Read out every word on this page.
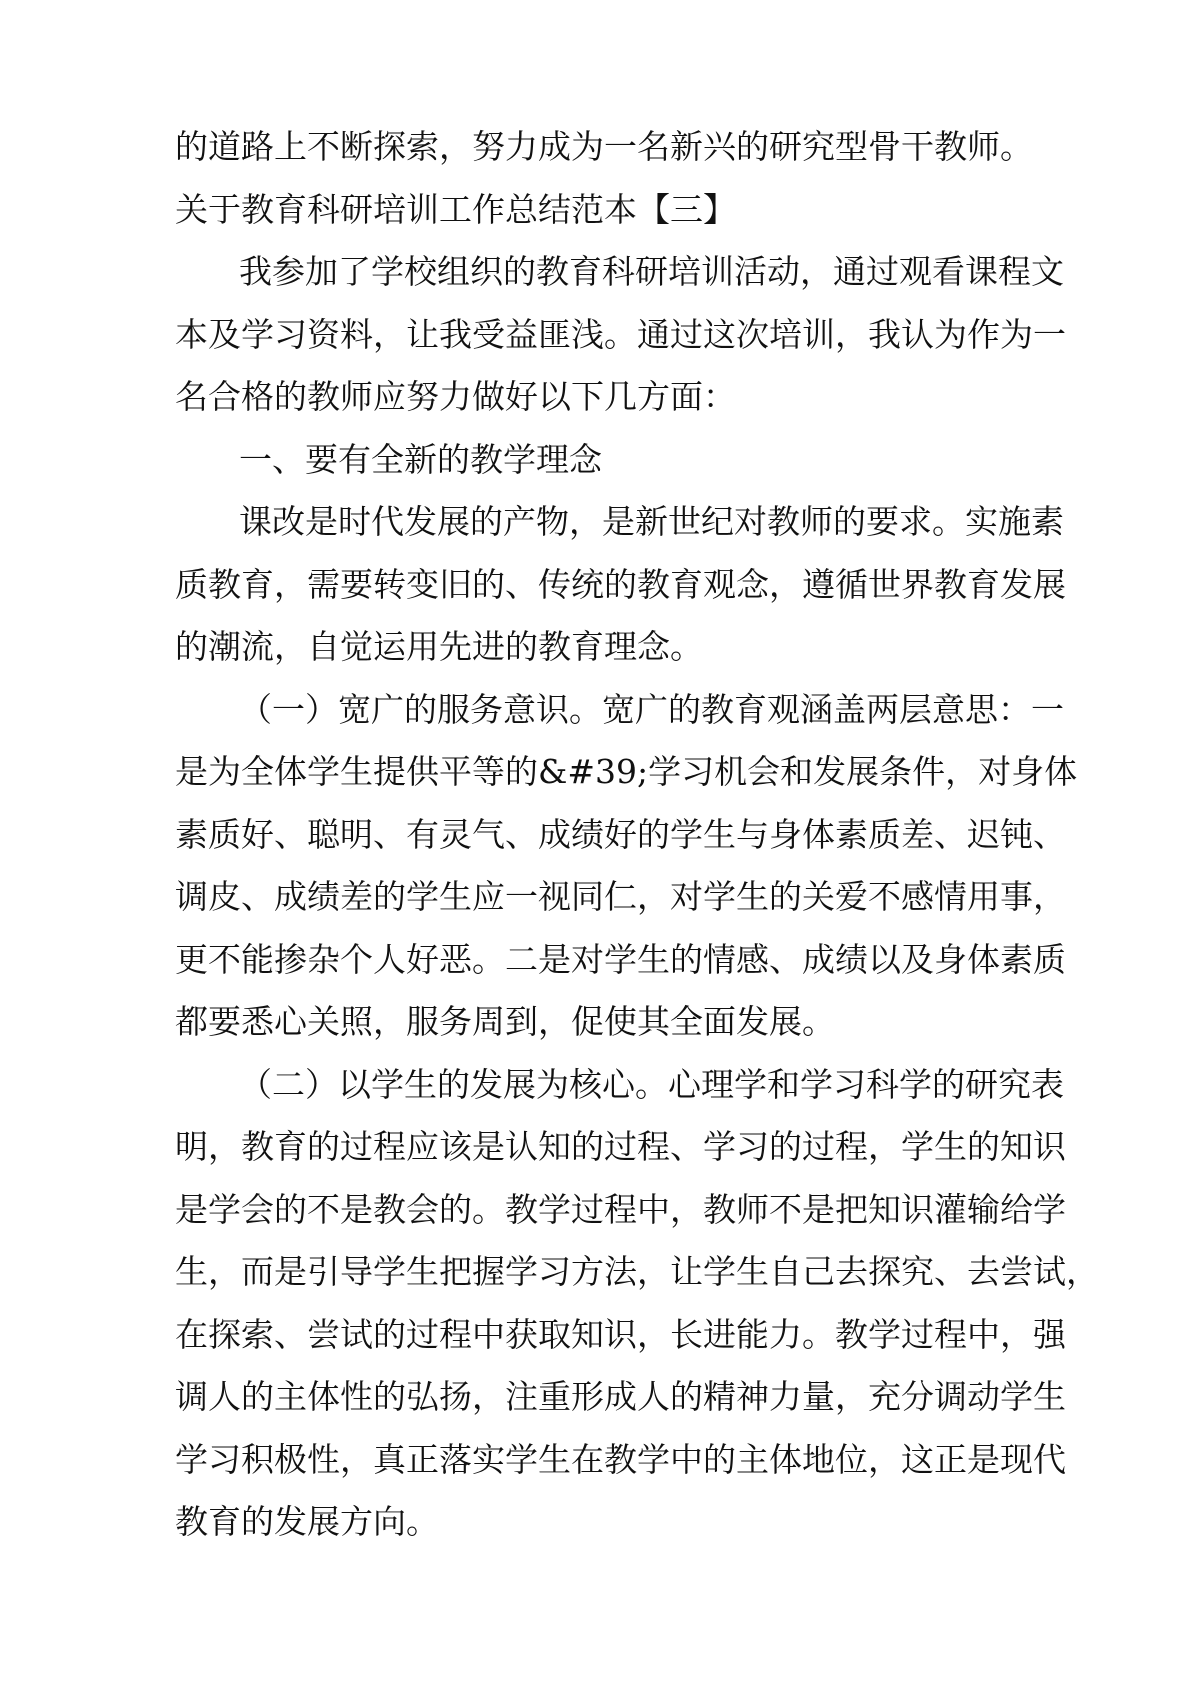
的道路上不断探索，努力成为一名新兴的研究型骨干教师。
关于教育科研培训工作总结范本【三】
我参加了学校组织的教育科研培训活动，通过观看课程文
本及学习资料，让我受益匪浅。通过这次培训，我认为作为一
名合格的教师应努力做好以下几方面：
一、要有全新的教学理念
课改是时代发展的产物，是新世纪对教师的要求。实施素
质教育，需要转变旧的、传统的教育观念，遵循世界教育发展
的潮流，自觉运用先进的教育理念。
（一）宽广的服务意识。宽广的教育观涵盖两层意思：一
是为全体学生提供平等的&#39;学习机会和发展条件，对身体
素质好、聪明、有灵气、成绩好的学生与身体素质差、迟钝、
调皮、成绩差的学生应一视同仁，对学生的关爱不感情用事，
更不能掺杂个人好恶。二是对学生的情感、成绩以及身体素质
都要悉心关照，服务周到，促使其全面发展。
（二）以学生的发展为核心。心理学和学习科学的研究表
明，教育的过程应该是认知的过程、学习的过程，学生的知识
是学会的不是教会的。教学过程中，教师不是把知识灌输给学
生，而是引导学生把握学习方法，让学生自己去探究、去尝试，
在探索、尝试的过程中获取知识，长进能力。教学过程中，强
调人的主体性的弘扬，注重形成人的精神力量，充分调动学生
学习积极性，真正落实学生在教学中的主体地位，这正是现代
教育的发展方向。
